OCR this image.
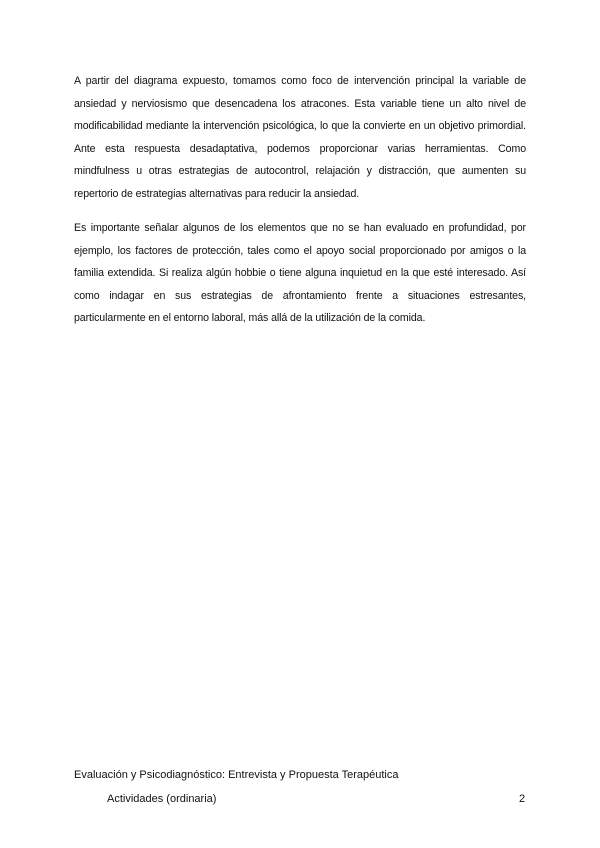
A partir del diagrama expuesto, tomamos como foco de intervención principal la variable de ansiedad y nerviosismo que desencadena los atracones. Esta variable tiene un alto nivel de modificabilidad mediante la intervención psicológica, lo que la convierte en un objetivo primordial. Ante esta respuesta desadaptativa, podemos proporcionar varias herramientas. Como mindfulness u otras estrategias de autocontrol, relajación y distracción, que aumenten su repertorio de estrategias alternativas para reducir la ansiedad.

Es importante señalar algunos de los elementos que no se han evaluado en profundidad, por ejemplo, los factores de protección, tales como el apoyo social proporcionado por amigos o la familia extendida. Si realiza algún hobbie o tiene alguna inquietud en la que esté interesado. Así como indagar en sus estrategias de afrontamiento frente a situaciones estresantes, particularmente en el entorno laboral, más allá de la utilización de la comida.

Evaluación y Psicodiagnóstico: Entrevista y Propuesta Terapéutica
Actividades (ordinaria)	2
